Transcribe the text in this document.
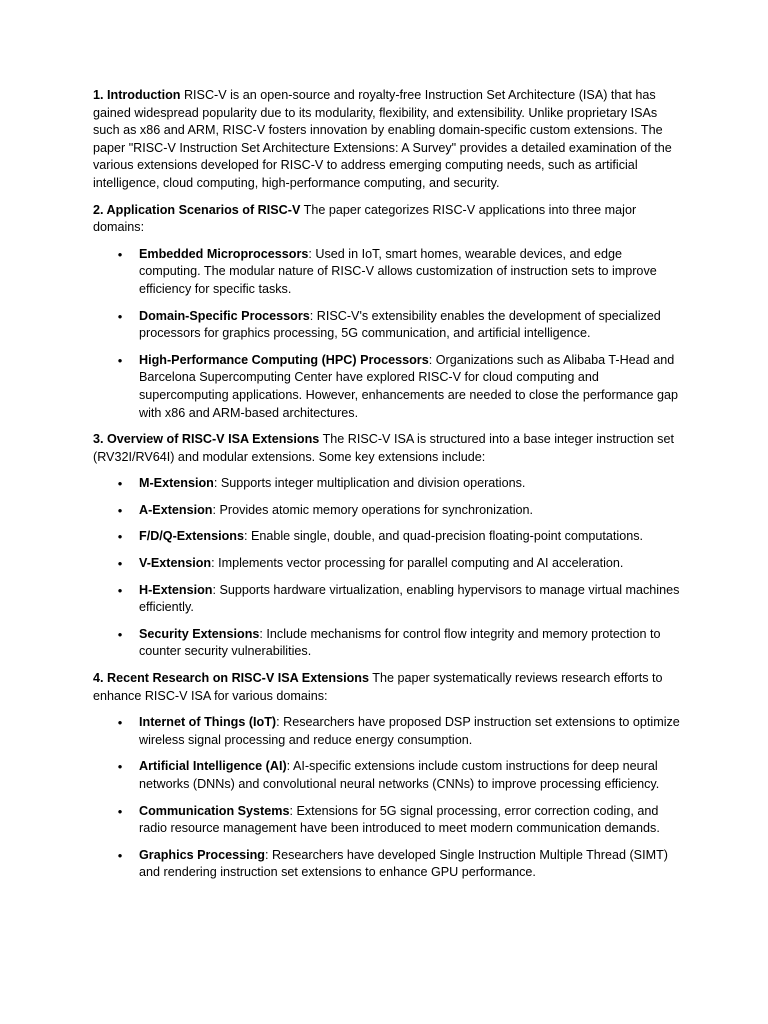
1. Introduction RISC-V is an open-source and royalty-free Instruction Set Architecture (ISA) that has gained widespread popularity due to its modularity, flexibility, and extensibility. Unlike proprietary ISAs such as x86 and ARM, RISC-V fosters innovation by enabling domain-specific custom extensions. The paper "RISC-V Instruction Set Architecture Extensions: A Survey" provides a detailed examination of the various extensions developed for RISC-V to address emerging computing needs, such as artificial intelligence, cloud computing, high-performance computing, and security.

2. Application Scenarios of RISC-V The paper categorizes RISC-V applications into three major domains:

• Embedded Microprocessors: Used in IoT, smart homes, wearable devices, and edge computing. The modular nature of RISC-V allows customization of instruction sets to improve efficiency for specific tasks.
• Domain-Specific Processors: RISC-V's extensibility enables the development of specialized processors for graphics processing, 5G communication, and artificial intelligence.
• High-Performance Computing (HPC) Processors: Organizations such as Alibaba T-Head and Barcelona Supercomputing Center have explored RISC-V for cloud computing and supercomputing applications. However, enhancements are needed to close the performance gap with x86 and ARM-based architectures.

3. Overview of RISC-V ISA Extensions The RISC-V ISA is structured into a base integer instruction set (RV32I/RV64I) and modular extensions. Some key extensions include:

• M-Extension: Supports integer multiplication and division operations.
• A-Extension: Provides atomic memory operations for synchronization.
• F/D/Q-Extensions: Enable single, double, and quad-precision floating-point computations.
• V-Extension: Implements vector processing for parallel computing and AI acceleration.
• H-Extension: Supports hardware virtualization, enabling hypervisors to manage virtual machines efficiently.
• Security Extensions: Include mechanisms for control flow integrity and memory protection to counter security vulnerabilities.

4. Recent Research on RISC-V ISA Extensions The paper systematically reviews research efforts to enhance RISC-V ISA for various domains:

• Internet of Things (IoT): Researchers have proposed DSP instruction set extensions to optimize wireless signal processing and reduce energy consumption.
• Artificial Intelligence (AI): AI-specific extensions include custom instructions for deep neural networks (DNNs) and convolutional neural networks (CNNs) to improve processing efficiency.
• Communication Systems: Extensions for 5G signal processing, error correction coding, and radio resource management have been introduced to meet modern communication demands.
• Graphics Processing: Researchers have developed Single Instruction Multiple Thread (SIMT) and rendering instruction set extensions to enhance GPU performance.
